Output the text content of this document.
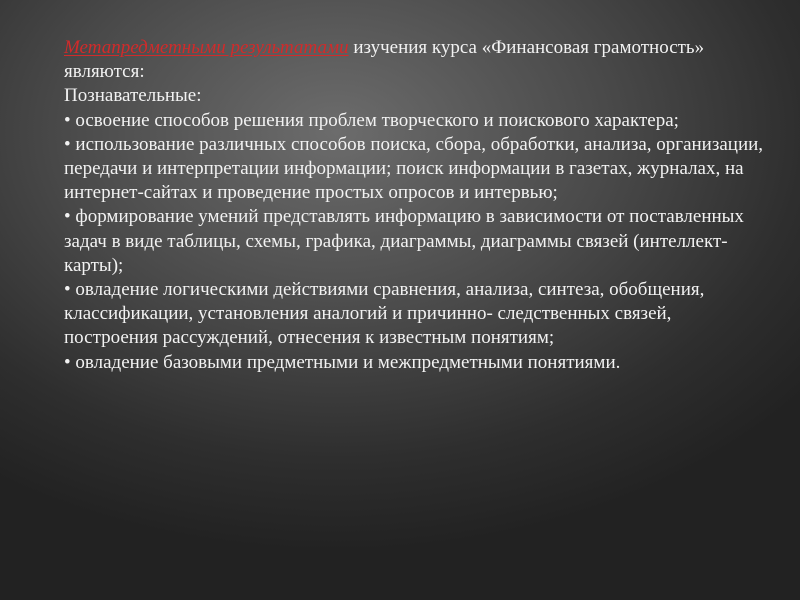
Метапредметными результатами изучения курса «Финансовая грамотность» являются:

Познавательные:

• освоение способов решения проблем творческого и поискового характера;

• использование различных способов поиска, сбора, обработки, анализа, организации, передачи и интерпретации информации; поиск информации в газетах, журналах, на интернет-сайтах и проведение простых опросов и интервью;

• формирование умений представлять информацию в зависимости от поставленных задач в виде таблицы, схемы, графика, диаграммы, диаграммы связей (интеллект-карты);

• овладение логическими действиями сравнения, анализа, синтеза, обобщения, классификации, установления аналогий и причинно- следственных связей, построения рассуждений, отнесения к известным понятиям;

• овладение базовыми предметными и межпредметными понятиями.
